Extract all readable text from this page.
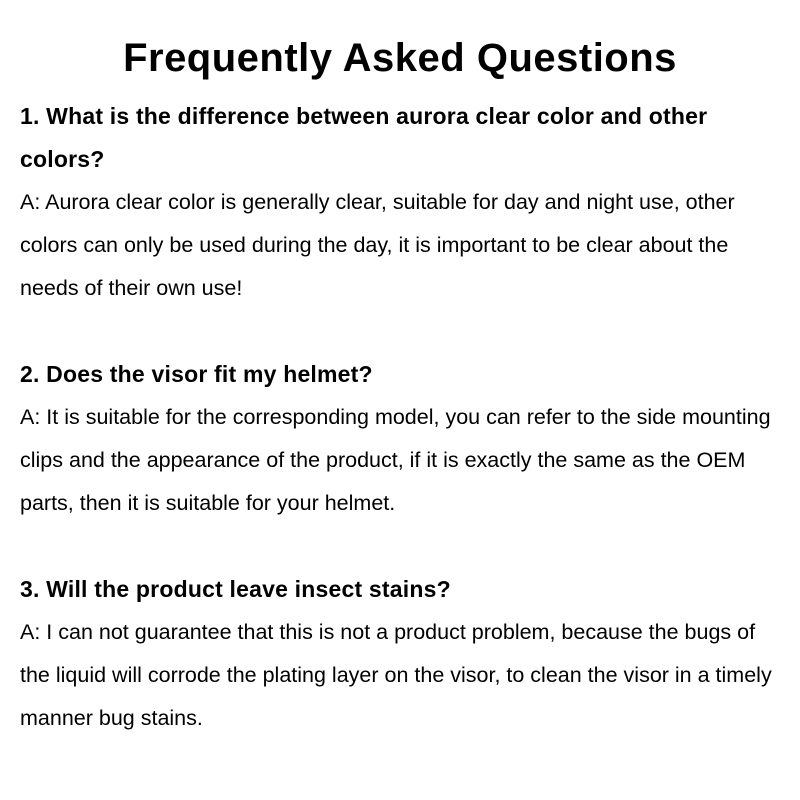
Frequently Asked Questions

1. What is the difference between aurora clear color and other colors?

A: Aurora clear color is generally clear, suitable for day and night use, other colors can only be used during the day, it is important to be clear about the needs of their own use!

2. Does the visor fit my helmet?

A: It is suitable for the corresponding model, you can refer to the side mounting clips and the appearance of the product, if it is exactly the same as the OEM parts, then it is suitable for your helmet.

3. Will the product leave insect stains?

A: I can not guarantee that this is not a product problem, because the bugs of the liquid will corrode the plating layer on the visor, to clean the visor in a timely manner bug stains.
